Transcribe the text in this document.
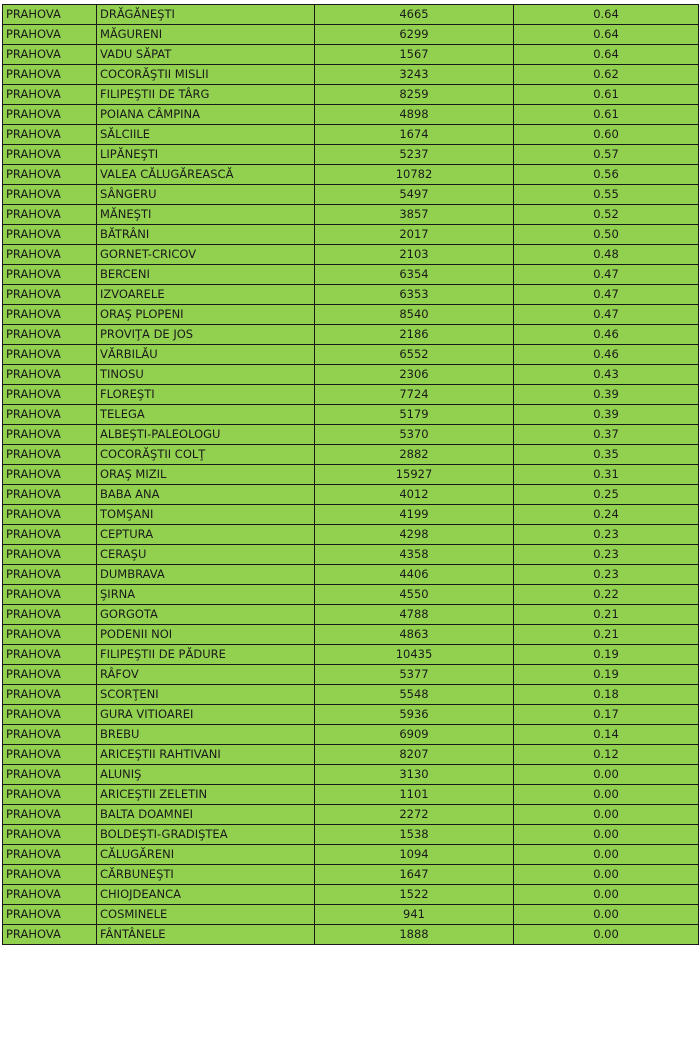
PRAHOVA	DRĂGĂNEŞTI	4665	0.64
PRAHOVA	MĂGURENI	6299	0.64
PRAHOVA	VADU SĂPAT	1567	0.64
PRAHOVA	COCORĂŞTII MISLII	3243	0.62
PRAHOVA	FILIPEŞTII DE TÂRG	8259	0.61
PRAHOVA	POIANA CÂMPINA	4898	0.61
PRAHOVA	SĂLCIILE	1674	0.60
PRAHOVA	LIPĂNEŞTI	5237	0.57
PRAHOVA	VALEA CĂLUGĂREASCĂ	10782	0.56
PRAHOVA	SÂNGERU	5497	0.55
PRAHOVA	MĂNEŞTI	3857	0.52
PRAHOVA	BĂTRÂNI	2017	0.50
PRAHOVA	GORNET-CRICOV	2103	0.48
PRAHOVA	BERCENI	6354	0.47
PRAHOVA	IZVOARELE	6353	0.47
PRAHOVA	ORAŞ PLOPENI	8540	0.47
PRAHOVA	PROVIŢA DE JOS	2186	0.46
PRAHOVA	VĂRBILĂU	6552	0.46
PRAHOVA	TINOSU	2306	0.43
PRAHOVA	FLOREŞTI	7724	0.39
PRAHOVA	TELEGA	5179	0.39
PRAHOVA	ALBEŞTI-PALEOLOGU	5370	0.37
PRAHOVA	COCORĂŞTII COLŢ	2882	0.35
PRAHOVA	ORAŞ MIZIL	15927	0.31
PRAHOVA	BABA ANA	4012	0.25
PRAHOVA	TOMŞANI	4199	0.24
PRAHOVA	CEPTURA	4298	0.23
PRAHOVA	CERAŞU	4358	0.23
PRAHOVA	DUMBRAVA	4406	0.23
PRAHOVA	ŞIRNA	4550	0.22
PRAHOVA	GORGOTA	4788	0.21
PRAHOVA	PODENII NOI	4863	0.21
PRAHOVA	FILIPEŞTII DE PĂDURE	10435	0.19
PRAHOVA	RÂFOV	5377	0.19
PRAHOVA	SCORŢENI	5548	0.18
PRAHOVA	GURA VITIOAREI	5936	0.17
PRAHOVA	BREBU	6909	0.14
PRAHOVA	ARICEŞTII RAHTIVANI	8207	0.12
PRAHOVA	ALUNIŞ	3130	0.00
PRAHOVA	ARICEŞTII ZELETIN	1101	0.00
PRAHOVA	BALTA DOAMNEI	2272	0.00
PRAHOVA	BOLDEŞTI-GRADIŞTEA	1538	0.00
PRAHOVA	CĂLUGĂRENI	1094	0.00
PRAHOVA	CĂRBUNEŞTI	1647	0.00
PRAHOVA	CHIOJDEANCA	1522	0.00
PRAHOVA	COSMINELE	941	0.00
PRAHOVA	FÂNTÂNELE	1888	0.00
